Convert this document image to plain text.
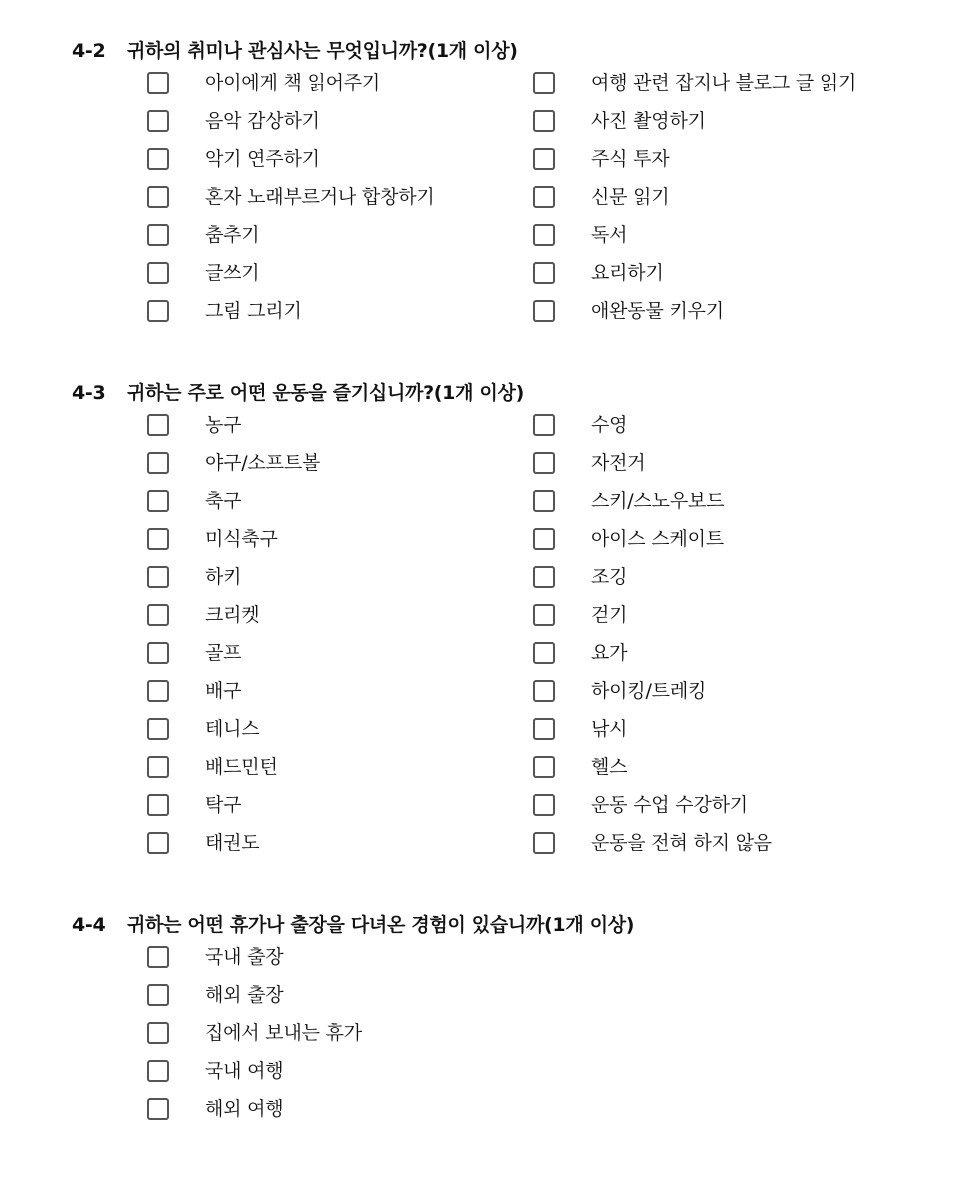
4-2 귀하의 취미나 관심사는 무엇입니까?(1개 이상)
아이에게 책 읽어주기
음악 감상하기
악기 연주하기
혼자 노래부르거나 합창하기
춤추기
글쓰기
그림 그리기
여행 관련 잡지나 블로그 글 읽기
사진 촬영하기
주식 투자
신문 읽기
독서
요리하기
애완동물 키우기
4-3 귀하는 주로 어떤 운동을 즐기십니까?(1개 이상)
농구
야구/소프트볼
축구
미식축구
하키
크리켓
골프
배구
테니스
배드민턴
탁구
태권도
수영
자전거
스키/스노우보드
아이스 스케이트
조깅
걷기
요가
하이킹/트레킹
낚시
헬스
운동 수업 수강하기
운동을 전혀 하지 않음
4-4 귀하는 어떤 휴가나 출장을 다녀온 경험이 있습니까(1개 이상)
국내 출장
해외 출장
집에서 보내는 휴가
국내 여행
해외 여행
